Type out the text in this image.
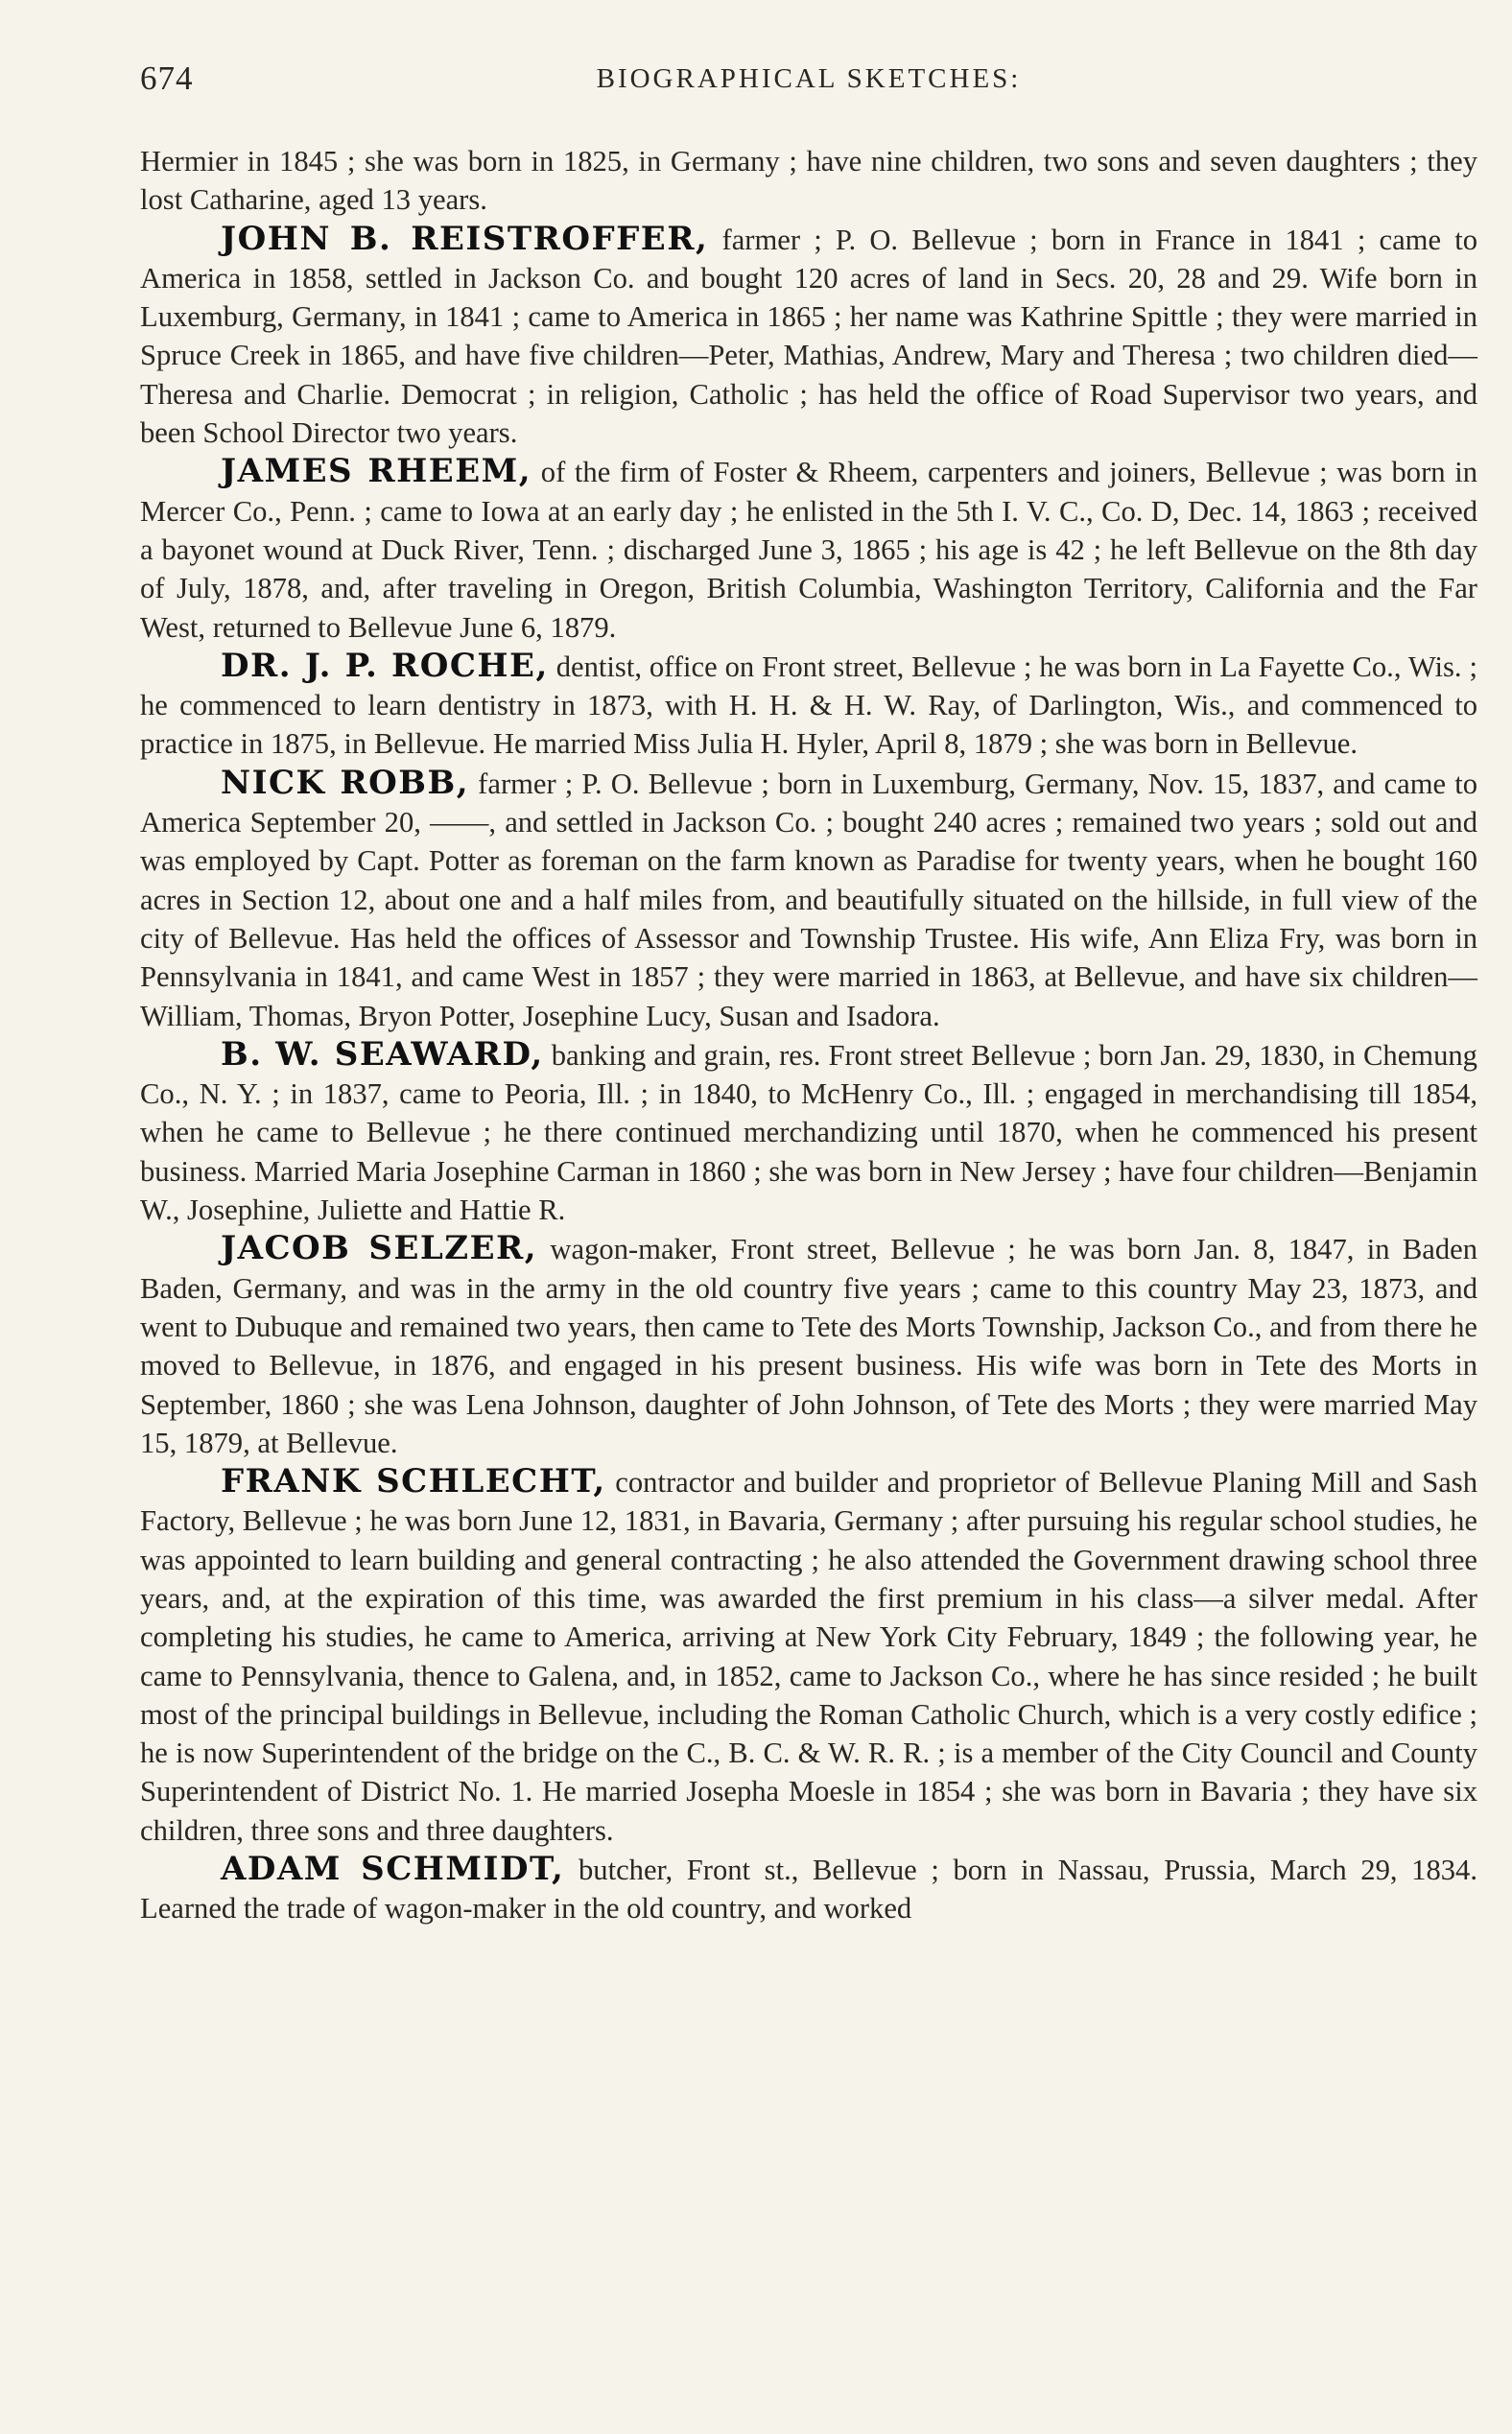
674	BIOGRAPHICAL SKETCHES:

Hermier in 1845 ; she was born in 1825, in Germany ; have nine children, two sons and seven daughters ; they lost Catharine, aged 13 years.

JOHN B. REISTROFFER, farmer ; P. O. Bellevue ; born in France in 1841 ; came to America in 1858, settled in Jackson Co. and bought 120 acres of land in Secs. 20, 28 and 29. Wife born in Luxemburg, Germany, in 1841 ; came to America in 1865 ; her name was Kathrine Spittle ; they were married in Spruce Creek in 1865, and have five children—Peter, Mathias, Andrew, Mary and Theresa ; two children died—Theresa and Charlie. Democrat ; in religion, Catholic ; has held the office of Road Supervisor two years, and been School Director two years.

JAMES RHEEM, of the firm of Foster & Rheem, carpenters and joiners, Bellevue ; was born in Mercer Co., Penn. ; came to Iowa at an early day ; he enlisted in the 5th I. V. C., Co. D, Dec. 14, 1863 ; received a bayonet wound at Duck River, Tenn. ; discharged June 3, 1865 ; his age is 42 ; he left Bellevue on the 8th day of July, 1878, and, after traveling in Oregon, British Columbia, Washington Territory, California and the Far West, returned to Bellevue June 6, 1879.

DR. J. P. ROCHE, dentist, office on Front street, Bellevue ; he was born in La Fayette Co., Wis. ; he commenced to learn dentistry in 1873, with H. H. & H. W. Ray, of Darlington, Wis., and commenced to practice in 1875, in Bellevue. He married Miss Julia H. Hyler, April 8, 1879 ; she was born in Bellevue.

NICK ROBB, farmer ; P. O. Bellevue ; born in Luxemburg, Germany, Nov. 15, 1837, and came to America September 20, ——, and settled in Jackson Co. ; bought 240 acres ; remained two years ; sold out and was employed by Capt. Potter as foreman on the farm known as Paradise for twenty years, when he bought 160 acres in Section 12, about one and a half miles from, and beautifully situated on the hillside, in full view of the city of Bellevue. Has held the offices of Assessor and Township Trustee. His wife, Ann Eliza Fry, was born in Pennsylvania in 1841, and came West in 1857 ; they were married in 1863, at Bellevue, and have six children—William, Thomas, Bryon Potter, Josephine Lucy, Susan and Isadora.

B. W. SEAWARD, banking and grain, res. Front street Bellevue ; born Jan. 29, 1830, in Chemung Co., N. Y. ; in 1837, came to Peoria, Ill. ; in 1840, to McHenry Co., Ill. ; engaged in merchandising till 1854, when he came to Bellevue ; he there continued merchandizing until 1870, when he commenced his present business. Married Maria Josephine Carman in 1860 ; she was born in New Jersey ; have four children—Benjamin W., Josephine, Juliette and Hattie R.

JACOB SELZER, wagon-maker, Front street, Bellevue ; he was born Jan. 8, 1847, in Baden Baden, Germany, and was in the army in the old country five years ; came to this country May 23, 1873, and went to Dubuque and remained two years, then came to Tete des Morts Township, Jackson Co., and from there he moved to Bellevue, in 1876, and engaged in his present business. His wife was born in Tete des Morts in September, 1860 ; she was Lena Johnson, daughter of John Johnson, of Tete des Morts ; they were married May 15, 1879, at Bellevue.

FRANK SCHLECHT, contractor and builder and proprietor of Bellevue Planing Mill and Sash Factory, Bellevue ; he was born June 12, 1831, in Bavaria, Germany ; after pursuing his regular school studies, he was appointed to learn building and general contracting ; he also attended the Government drawing school three years, and, at the expiration of this time, was awarded the first premium in his class—a silver medal. After completing his studies, he came to America, arriving at New York City February, 1849 ; the following year, he came to Pennsylvania, thence to Galena, and, in 1852, came to Jackson Co., where he has since resided ; he built most of the principal buildings in Bellevue, including the Roman Catholic Church, which is a very costly edifice ; he is now Superintendent of the bridge on the C., B. C. & W. R. R. ; is a member of the City Council and County Superintendent of District No. 1. He married Josepha Moesle in 1854 ; she was born in Bavaria ; they have six children, three sons and three daughters.

ADAM SCHMIDT, butcher, Front st., Bellevue ; born in Nassau, Prussia, March 29, 1834. Learned the trade of wagon-maker in the old country, and worked
